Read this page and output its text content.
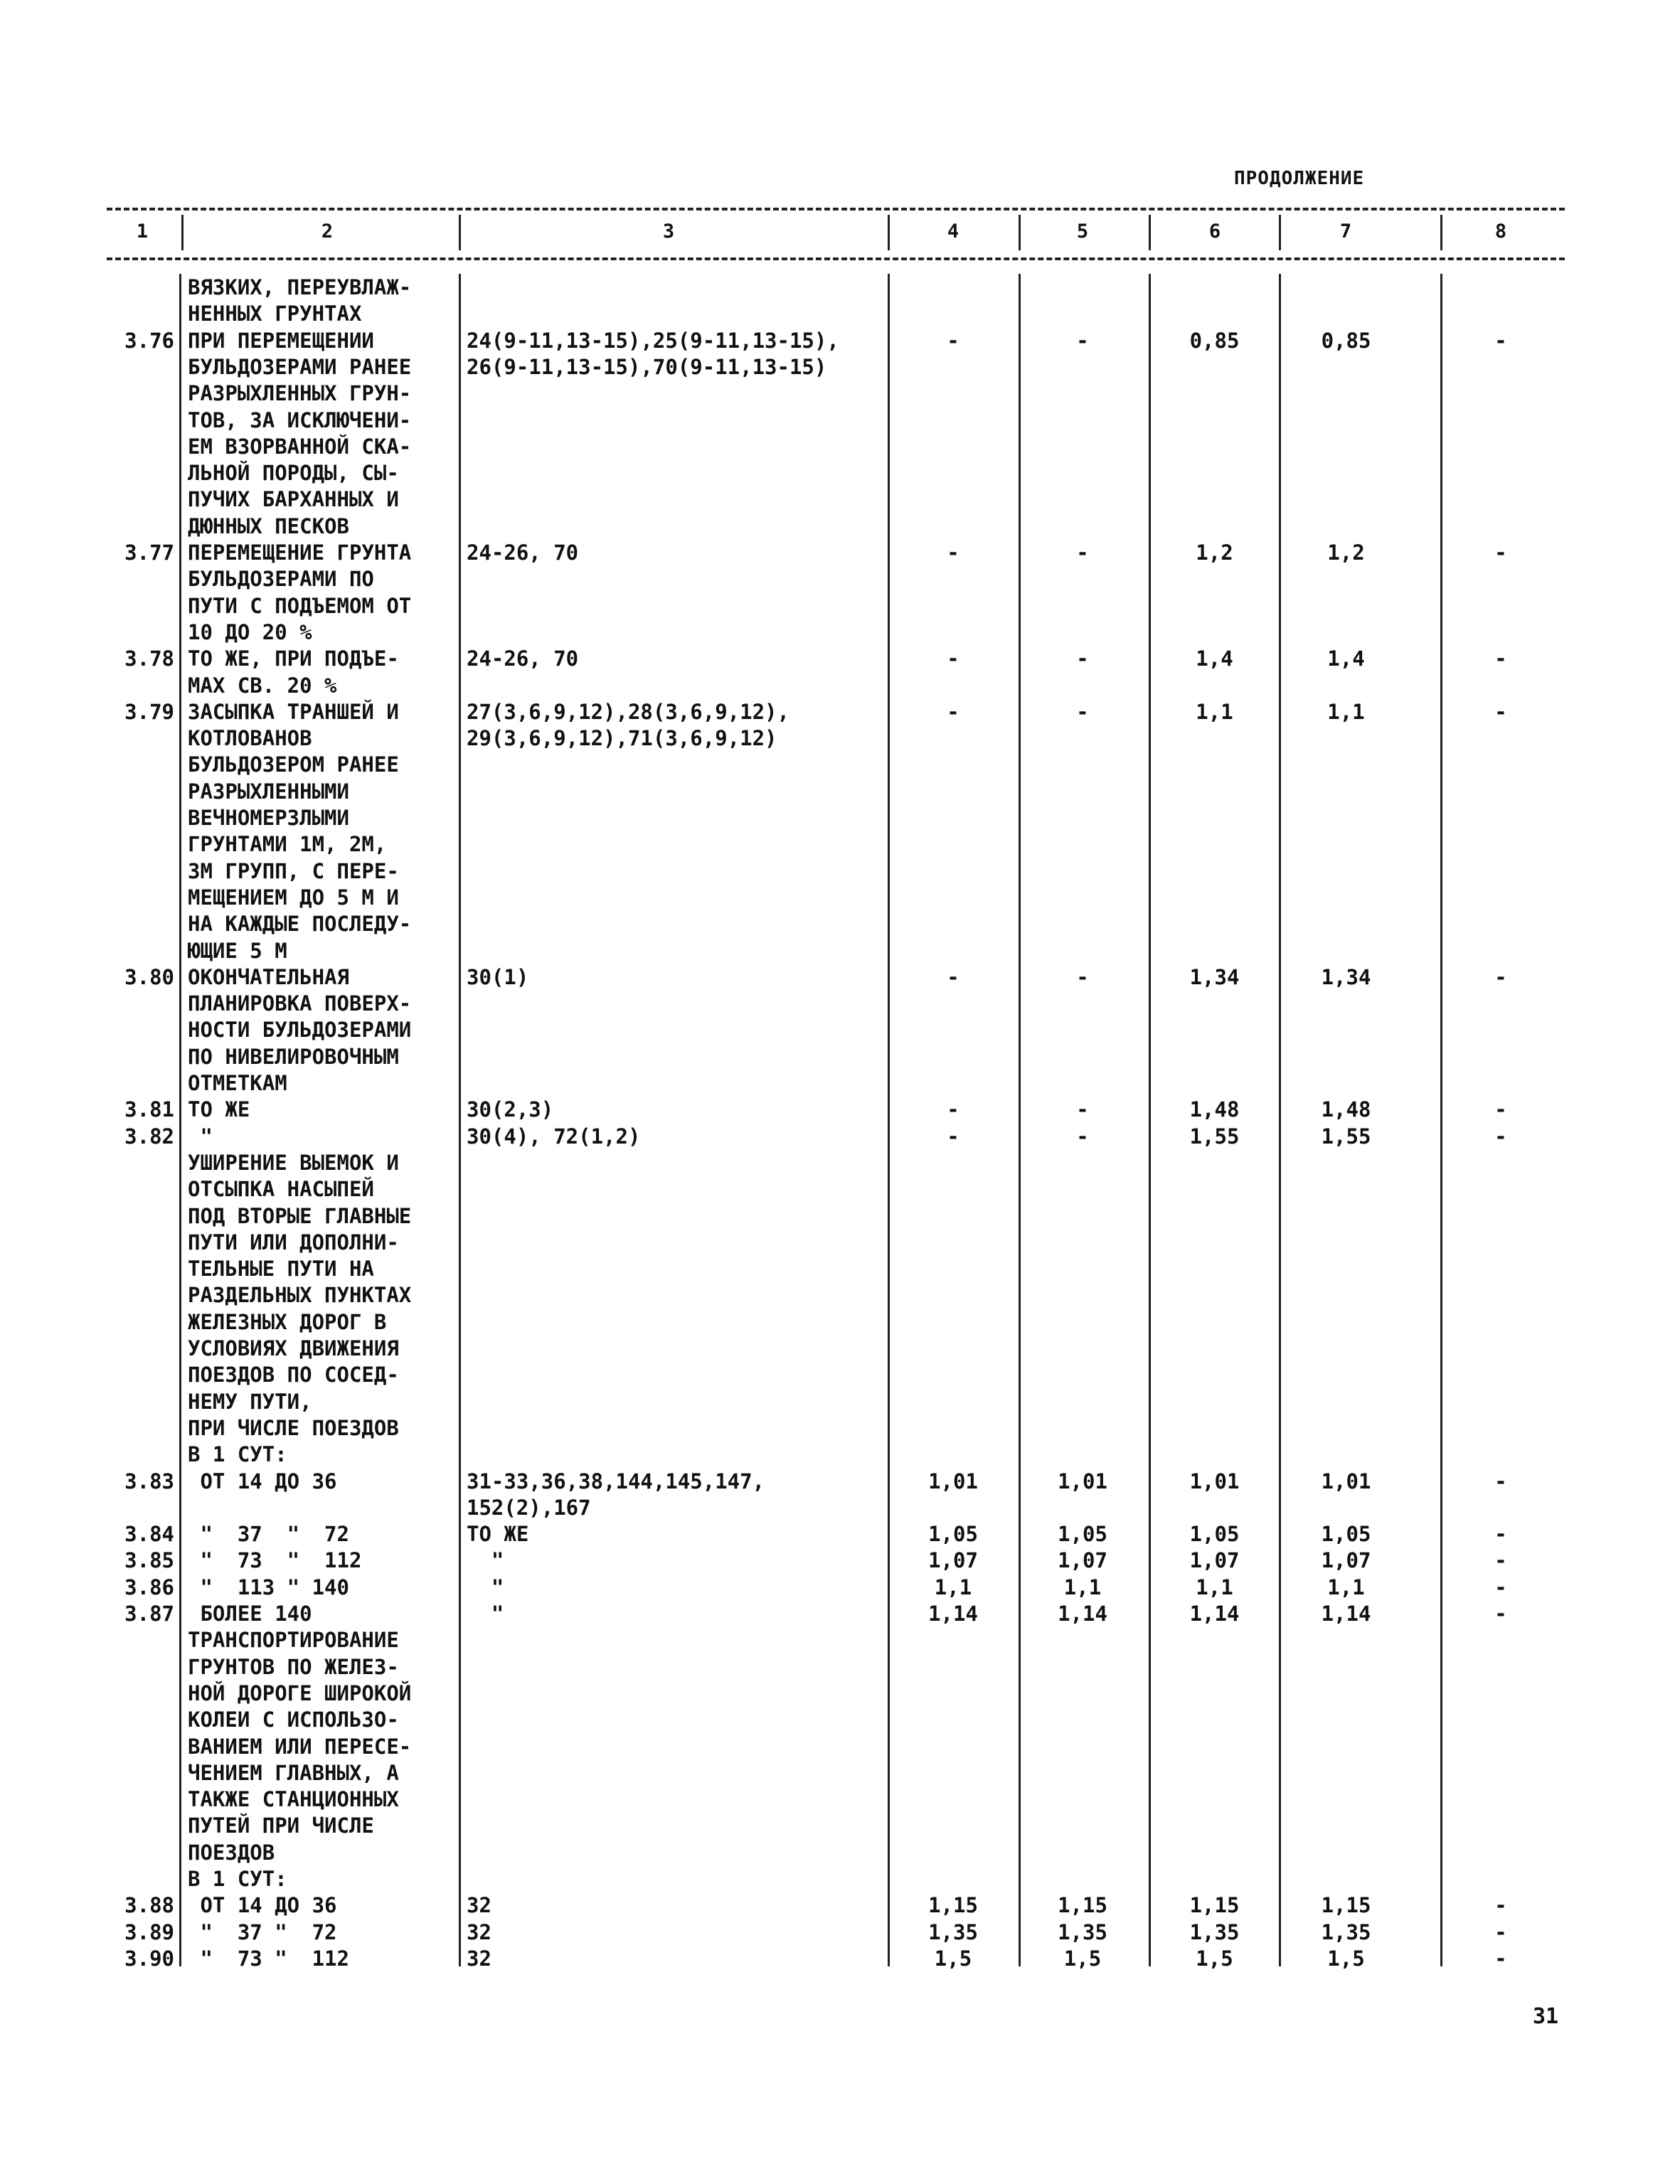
ПРОДОЛЖЕНИЕ
1	2	3	4	5	6	7	8
ВЯЗКИХ, ПЕРЕУВЛАЖ-
НЕННЫХ ГРУНТАХ
3.76 ПРИ ПЕРЕМЕЩЕНИИ	24(9-11,13-15),25(9-11,13-15),	-	-	0,85	0,85	-
БУЛЬДОЗЕРАМИ РАНЕЕ	26(9-11,13-15),70(9-11,13-15)
РАЗРЫХЛЕННЫХ ГРУН-
ТОВ, ЗА ИСКЛЮЧЕНИ-
ЕМ ВЗОРВАННОЙ СКА-
ЛЬНОЙ ПОРОДЫ, СЫ-
ПУЧИХ БАРХАННЫХ И
ДЮННЫХ ПЕСКОВ
3.77 ПЕРЕМЕЩЕНИЕ ГРУНТА	24-26, 70	-	-	1,2	1,2	-
БУЛЬДОЗЕРАМИ ПО
ПУТИ С ПОДЪЕМОМ ОТ
10 ДО 20 %
3.78 ТО ЖЕ, ПРИ ПОДЪЕ-	24-26, 70	-	-	1,4	1,4	-
МАХ СВ. 20 %
3.79 ЗАСЫПКА ТРАНШЕЙ И	27(3,6,9,12),28(3,6,9,12),	-	-	1,1	1,1	-
КОТЛОВАНОВ	29(3,6,9,12),71(3,6,9,12)
БУЛЬДОЗЕРОМ РАНЕЕ
РАЗРЫХЛЕННЫМИ
ВЕЧНОМЕРЗЛЫМИ
ГРУНТАМИ 1М, 2М,
3М ГРУПП, С ПЕРЕ-
МЕЩЕНИЕМ ДО 5 М И
НА КАЖДЫЕ ПОСЛЕДУ-
ЮЩИЕ 5 М
3.80 ОКОНЧАТЕЛЬНАЯ	30(1)	-	-	1,34	1,34	-
ПЛАНИРОВКА ПОВЕРХ-
НОСТИ БУЛЬДОЗЕРАМИ
ПО НИВЕЛИРОВОЧНЫМ
ОТМЕТКАМ
3.81 ТО ЖЕ	30(2,3)	-	-	1,48	1,48	-
3.82 "	30(4), 72(1,2)	-	-	1,55	1,55	-
УШИРЕНИЕ ВЫЕМОК И
ОТСЫПКА НАСЫПЕЙ
ПОД ВТОРЫЕ ГЛАВНЫЕ
ПУТИ ИЛИ ДОПОЛНИ-
ТЕЛЬНЫЕ ПУТИ НА
РАЗДЕЛЬНЫХ ПУНКТАХ
ЖЕЛЕЗНЫХ ДОРОГ В
УСЛОВИЯХ ДВИЖЕНИЯ
ПОЕЗДОВ ПО СОСЕД-
НЕМУ ПУТИ,
ПРИ ЧИСЛЕ ПОЕЗДОВ
В 1 СУТ:
3.83 ОТ 14 ДО 36	31-33,36,38,144,145,147,	1,01	1,01	1,01	1,01	-
152(2),167
3.84 "  37  "  72	ТО ЖЕ	1,05	1,05	1,05	1,05	-
3.85 "  73  "  112	"	1,07	1,07	1,07	1,07	-
3.86 "  113 " 140	"	1,1	1,1	1,1	1,1	-
3.87 БОЛЕЕ 140	"	1,14	1,14	1,14	1,14	-
ТРАНСПОРТИРОВАНИЕ
ГРУНТОВ ПО ЖЕЛЕЗ-
НОЙ ДОРОГЕ ШИРОКОЙ
КОЛЕИ С ИСПОЛЬЗО-
ВАНИЕМ ИЛИ ПЕРЕСЕ-
ЧЕНИЕМ ГЛАВНЫХ, А
ТАКЖЕ СТАНЦИОННЫХ
ПУТЕЙ ПРИ ЧИСЛЕ
ПОЕЗДОВ
В 1 СУТ:
3.88 ОТ 14 ДО 36	32	1,15	1,15	1,15	1,15	-
3.89 "  37 "  72	32	1,35	1,35	1,35	1,35	-
3.90 "  73 "  112	32	1,5	1,5	1,5	1,5	-
31
